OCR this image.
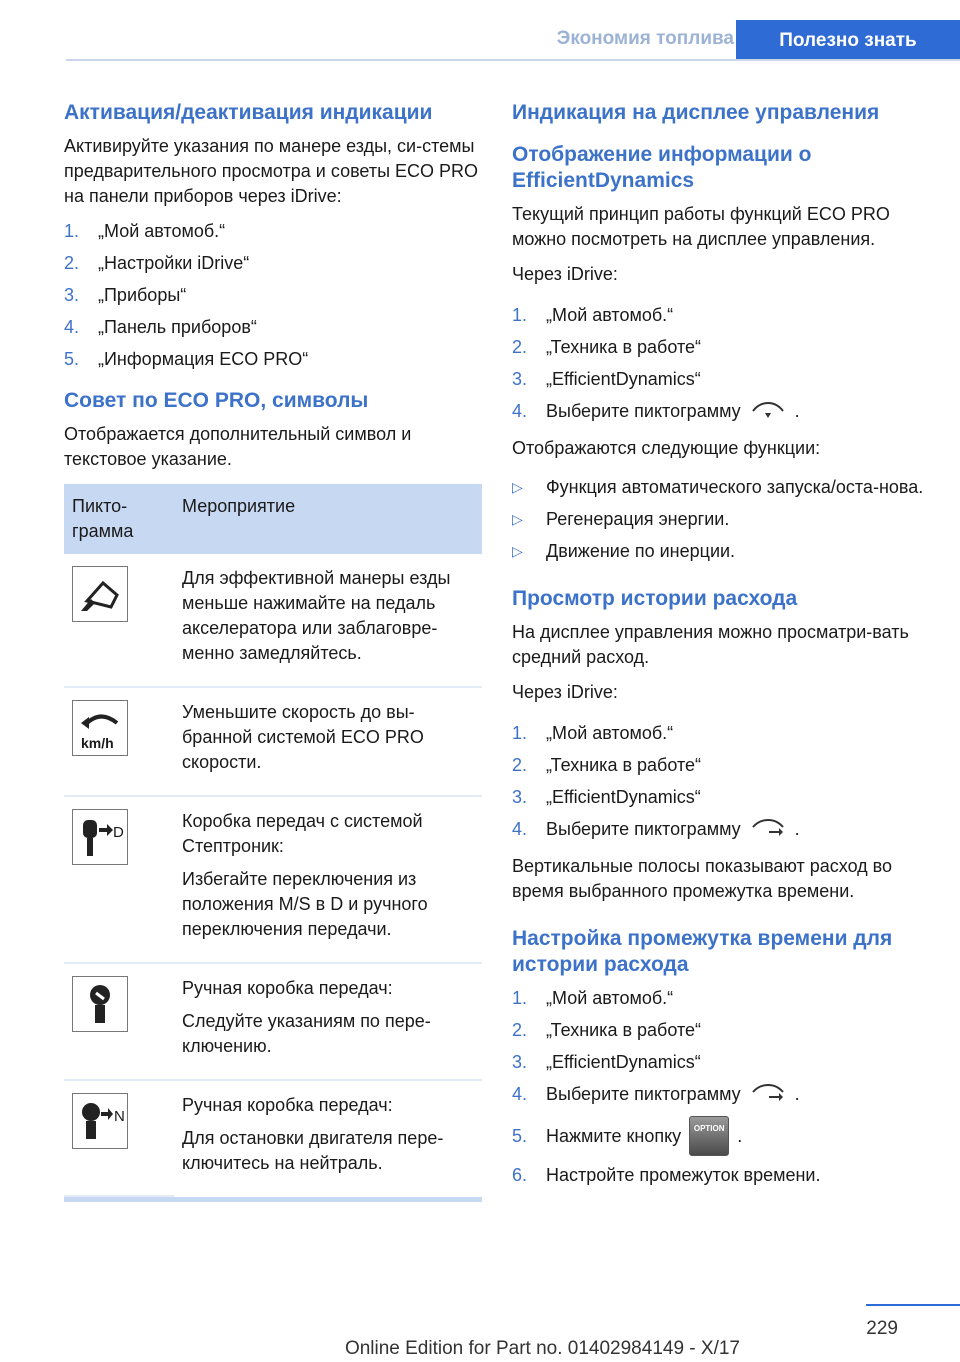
Экономия топлива	Полезно знать
Активация/деактивация индикации

Активируйте указания по манере езды, си-стемы предварительного просмотра и советы ECO PRO на панели приборов через iDrive:

1.	„Мой автомоб.“
2.	„Настройки iDrive“
3.	„Приборы“
4.	„Панель приборов“
5.	„Информация ECO PRO“
Совет по ECO PRO, символы

Отображается дополнительный символ и текстовое указание.

Пикто-грамма	Мероприятие

Для эффективной манеры езды меньше нажимайте на педаль акселератора или заблаговре-менно замедляйтесь.

km/h	Уменьшите скорость до вы-бранной системой ECO PRO скорости.

D	Коробка передач с системой Стептроник:

Избегайте переключения из положения M/S в D и ручного переключения передачи.

Ручная коробка передач:

Следуйте указаниям по пере-ключению.

N	Ручная коробка передач:

Для остановки двигателя пере-ключитесь на нейтраль.

Индикация на дисплее управления
Отображение информации о EfficientDynamics

Текущий принцип работы функций ECO PRO можно посмотреть на дисплее управления.

Через iDrive:

1.	„Мой автомоб.“
2.	„Техника в работе“
3.	„EfficientDynamics“
4.	Выберите пиктограмму	.

Отображаются следующие функции:

▷	Функция автоматического запуска/оста-нова.
▷	Регенерация энергии.
▷	Движение по инерции.
Просмотр истории расхода

На дисплее управления можно просматри-вать средний расход.

Через iDrive:

1.	„Мой автомоб.“
2.	„Техника в работе“
3.	„EfficientDynamics“
4.	Выберите пиктограмму	.

Вертикальные полосы показывают расход во время выбранного промежутка времени.

Настройка промежутка времени для истории расхода
1.	„Мой автомоб.“
2.	„Техника в работе“
3.	„EfficientDynamics“
4.	Выберите пиктограмму	.
5.	Нажмите кнопку	OPTION .
6.	Настройте промежуток времени.
229
Online Edition for Part no. 01402984149 - X/17
